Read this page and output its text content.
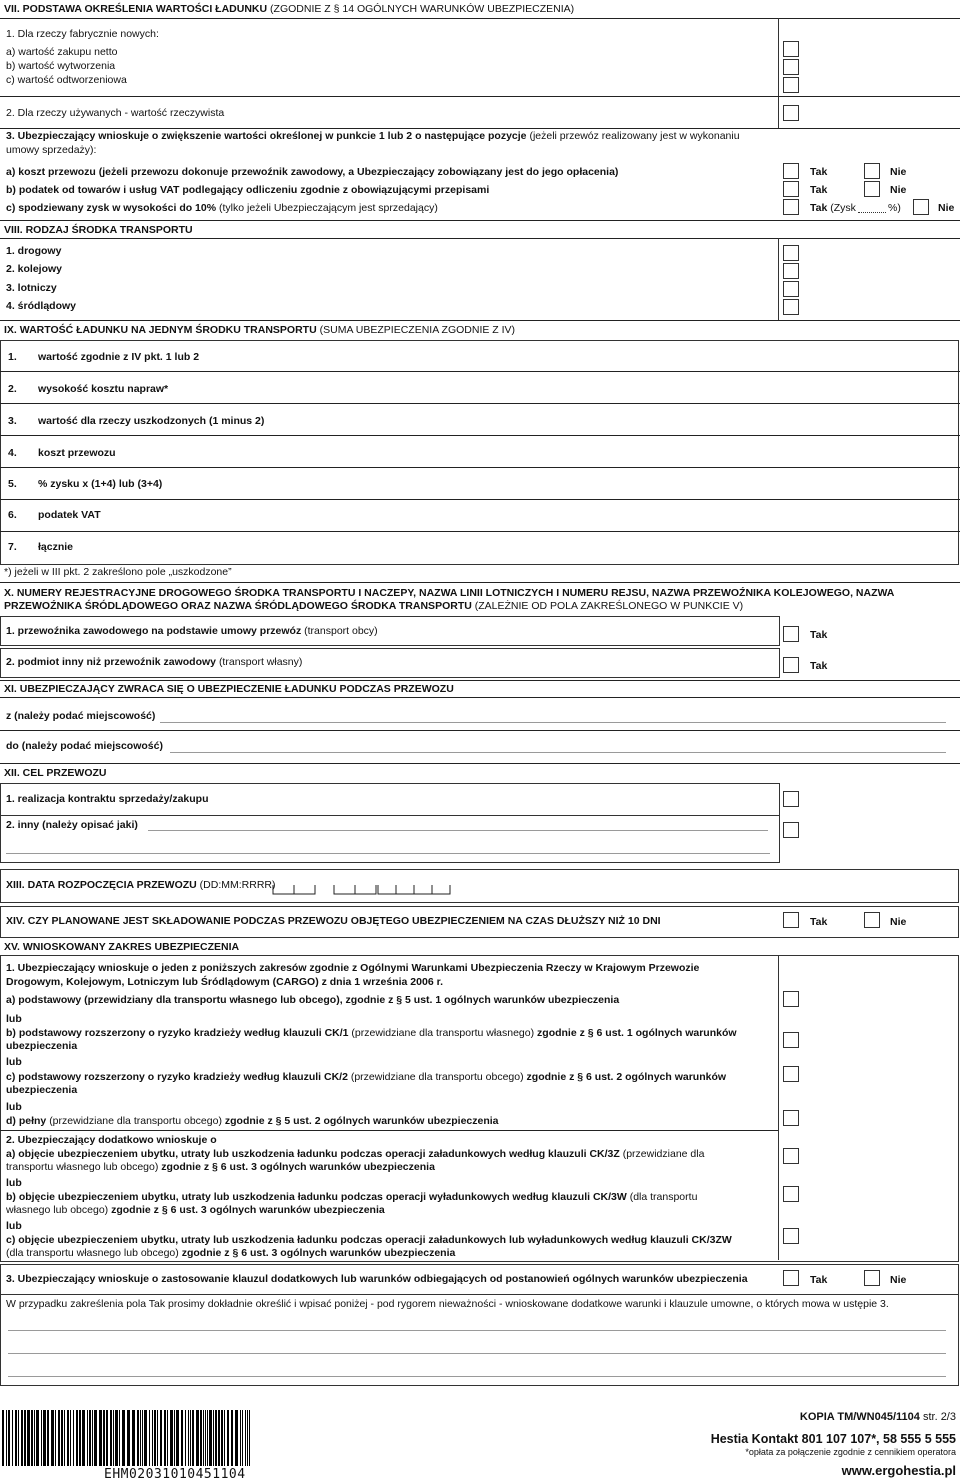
VII. PODSTAWA OKREŚLENIA WARTOŚCI ŁADUNKU (ZGODNIE Z § 14 OGÓLNYCH WARUNKÓW UBEZPIECZENIA)
1. Dla rzeczy fabrycznie nowych:
a) wartość zakupu netto
b) wartość wytworzenia
c) wartość odtworzeniowa
2. Dla rzeczy używanych - wartość rzeczywista
3. Ubezpieczający wnioskuje o zwiększenie wartości określonej w punkcie 1 lub 2 o następujące pozycje (jeżeli przewóz realizowany jest w wykonaniu
umowy sprzedaży):
a) koszt przewozu (jeżeli przewozu dokonuje przewoźnik zawodowy, a Ubezpieczający zobowiązany jest do jego opłacenia)	Tak	Nie
b) podatek od towarów i usług VAT podlegający odliczeniu zgodnie z obowiązującymi przepisami	Tak	Nie
c) spodziewany zysk w wysokości do 10% (tylko jeżeli Ubezpieczającym jest sprzedający)	Tak (Zysk	%)	Nie
VIII. RODZAJ ŚRODKA TRANSPORTU
1. drogowy
2. kolejowy
3. lotniczy
4. śródlądowy
IX. WARTOŚĆ ŁADUNKU NA JEDNYM ŚRODKU TRANSPORTU (SUMA UBEZPIECZENIA ZGODNIE Z IV)
1. wartość zgodnie z IV pkt. 1 lub 2
2. wysokość kosztu napraw*
3. wartość dla rzeczy uszkodzonych (1 minus 2)
4. koszt przewozu
5. % zysku x (1+4) lub (3+4)
6. podatek VAT
7. łącznie
*) jeżeli w III pkt. 2 zakreślono pole „uszkodzone”
X. NUMERY REJESTRACYJNE DROGOWEGO ŚRODKA TRANSPORTU I NACZEPY, NAZWA LINII LOTNICZYCH I NUMERU REJSU, NAZWA PRZEWOŹNIKA KOLEJOWEGO, NAZWA
PRZEWOŹNIKA ŚRÓDLĄDOWEGO ORAZ NAZWA ŚRÓDLĄDOWEGO ŚRODKA TRANSPORTU (ZALEŻNIE OD POLA ZAKREŚLONEGO W PUNKCIE V)
1. przewoźnika zawodowego na podstawie umowy przewóz (transport obcy)	Tak
2. podmiot inny niż przewoźnik zawodowy (transport własny)	Tak
XI. UBEZPIECZAJĄCY ZWRACA SIĘ O UBEZPIECZENIE ŁADUNKU PODCZAS PRZEWOZU
z (należy podać miejscowość)
do (należy podać miejscowość)
XII. CEL PRZEWOZU
1. realizacja kontraktu sprzedaży/zakupu
2. inny (należy opisać jaki)
XIII. DATA ROZPOCZĘCIA PRZEWOZU (DD:MM:RRRR)
XIV. CZY PLANOWANE JEST SKŁADOWANIE PODCZAS PRZEWOZU OBJĘTEGO UBEZPIECZENIEM NA CZAS DŁUŻSZY NIŻ 10 DNI	Tak	Nie
XV. WNIOSKOWANY ZAKRES UBEZPIECZENIA
1. Ubezpieczający wnioskuje o jeden z poniższych zakresów zgodnie z Ogólnymi Warunkami Ubezpieczenia Rzeczy w Krajowym Przewozie
Drogowym, Kolejowym, Lotniczym lub Śródlądowym (CARGO) z dnia 1 września 2006 r.
a) podstawowy (przewidziany dla transportu własnego lub obcego), zgodnie z § 5 ust. 1 ogólnych warunków ubezpieczenia
lub
b) podstawowy rozszerzony o ryzyko kradzieży według klauzuli CK/1 (przewidziane dla transportu własnego) zgodnie z § 6 ust. 1 ogólnych warunków
ubezpieczenia
lub
c) podstawowy rozszerzony o ryzyko kradzieży według klauzuli CK/2 (przewidziane dla transportu obcego) zgodnie z § 6 ust. 2 ogólnych warunków
ubezpieczenia
lub
d) pełny (przewidziane dla transportu obcego) zgodnie z § 5 ust. 2 ogólnych warunków ubezpieczenia
2. Ubezpieczający dodatkowo wnioskuje o
a) objęcie ubezpieczeniem ubytku, utraty lub uszkodzenia ładunku podczas operacji załadunkowych według klauzuli CK/3Z (przewidziane dla
transportu własnego lub obcego) zgodnie z § 6 ust. 3 ogólnych warunków ubezpieczenia
lub
b) objęcie ubezpieczeniem ubytku, utraty lub uszkodzenia ładunku podczas operacji wyładunkowych według klauzuli CK/3W (dla transportu
własnego lub obcego) zgodnie z § 6 ust. 3 ogólnych warunków ubezpieczenia
lub
c) objęcie ubezpieczeniem ubytku, utraty lub uszkodzenia ładunku podczas operacji załadunkowych lub wyładunkowych według klauzuli CK/3ZW
(dla transportu własnego lub obcego) zgodnie z § 6 ust. 3 ogólnych warunków ubezpieczenia
3. Ubezpieczający wnioskuje o zastosowanie klauzul dodatkowych lub warunków odbiegających od postanowień ogólnych warunków ubezpieczenia	Tak	Nie
W przypadku zakreślenia pola Tak prosimy dokładnie określić i wpisać poniżej - pod rygorem nieważności - wnioskowane dodatkowe warunki i klauzule umowne, o których mowa w ustępie 3.
EHM02031010451104
KOPIA TM/WN045/1104 str. 2/3
Hestia Kontakt 801 107 107*, 58 555 5 555
*opłata za połączenie zgodnie z cennikiem operatora
www.ergohestia.pl
